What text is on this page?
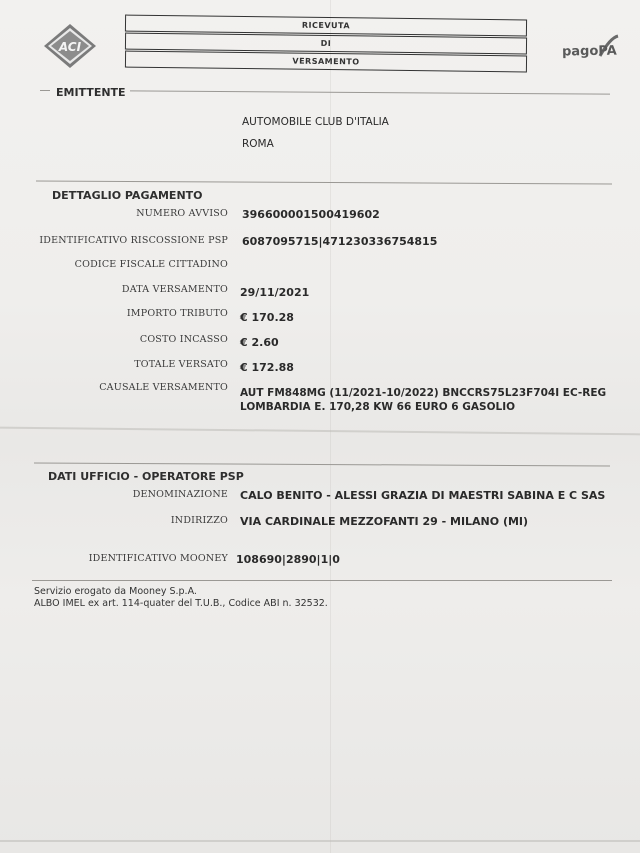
ACI
RICEVUTA
DI
VERSAMENTO
pagoPA
EMITTENTE
AUTOMOBILE CLUB D'ITALIA
ROMA
DETTAGLIO PAGAMENTO
NUMERO AVVISO 396600001500419602
IDENTIFICATIVO RISCOSSIONE PSP 6087095715|471230336754815
CODICE FISCALE CITTADINO
DATA VERSAMENTO 29/11/2021
IMPORTO TRIBUTO € 170.28
COSTO INCASSO € 2.60
TOTALE VERSATO € 172.88
CAUSALE VERSAMENTO AUT FM848MG (11/2021-10/2022) BNCCRS75L23F704I EC-REG
LOMBARDIA E. 170,28 KW 66 EURO 6 GASOLIO
DATI UFFICIO - OPERATORE PSP
DENOMINAZIONE CALO BENITO - ALESSI GRAZIA DI MAESTRI SABINA E C SAS
INDIRIZZO VIA CARDINALE MEZZOFANTI 29 - MILANO (MI)
IDENTIFICATIVO MOONEY 108690|2890|1|0
Servizio erogato da Mooney S.p.A.
ALBO IMEL ex art. 114-quater del T.U.B., Codice ABI n. 32532.
